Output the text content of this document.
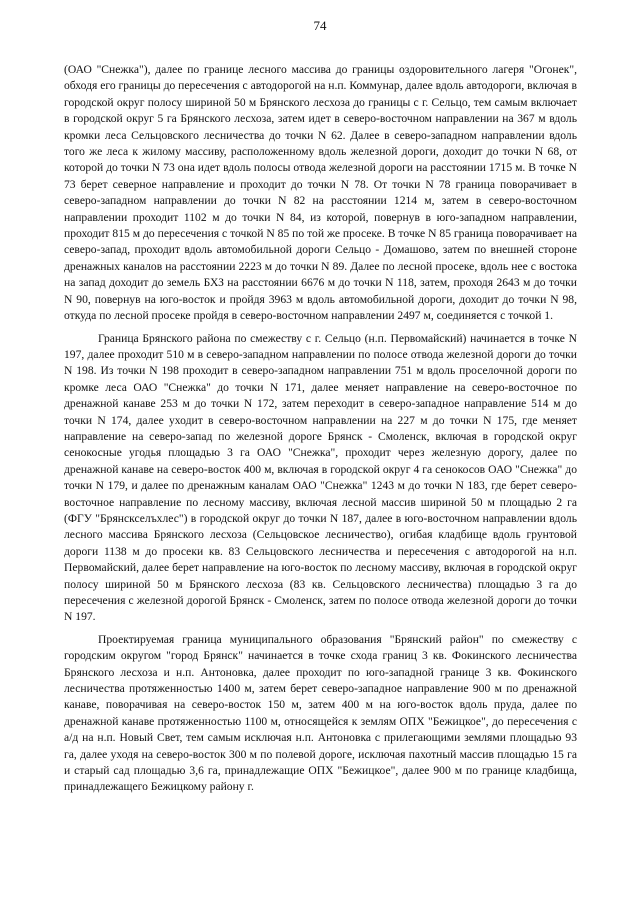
74

(ОАО "Снежка"), далее по границе лесного массива до границы оздоровительного лагеря "Огонек", обходя его границы до пересечения с автодорогой на н.п. Коммунар, далее вдоль автодороги, включая в городской округ полосу шириной 50 м Брянского лесхоза до границы с г. Сельцо, тем самым включает в городской округ 5 га Брянского лесхоза, затем идет в северо-восточном направлении на 367 м вдоль кромки леса Сельцовского лесничества до точки N 62. Далее в северо-западном направлении вдоль того же леса к жилому массиву, расположенному вдоль железной дороги, доходит до точки N 68, от которой до точки N 73 она идет вдоль полосы отвода железной дороги на расстоянии 1715 м. В точке N 73 берет северное направление и проходит до точки N 78. От точки N 78 граница поворачивает в северо-западном направлении до точки N 82 на расстоянии 1214 м, затем в северо-восточном направлении проходит 1102 м до точки N 84, из которой, повернув в юго-западном направлении, проходит 815 м до пересечения с точкой N 85 по той же просеке. В точке N 85 граница поворачивает на северо-запад, проходит вдоль автомобильной дороги Сельцо - Домашово, затем по внешней стороне дренажных каналов на расстоянии 2223 м до точки N 89. Далее по лесной просеке, вдоль нее с востока на запад доходит до земель БХЗ на расстоянии 6676 м до точки N 118, затем, проходя 2643 м до точки N 90, повернув на юго-восток и пройдя 3963 м вдоль автомобильной дороги, доходит до точки N 98, откуда по лесной просеке пройдя в северо-восточном направлении 2497 м, соединяется с точкой 1.

Граница Брянского района по смежеству с г. Сельцо (н.п. Первомайский) начинается в точке N 197, далее проходит 510 м в северо-западном направлении по полосе отвода железной дороги до точки N 198. Из точки N 198 проходит в северо-западном направлении 751 м вдоль проселочной дороги по кромке леса ОАО "Снежка" до точки N 171, далее меняет направление на северо-восточное по дренажной канаве 253 м до точки N 172, затем переходит в северо-западное направление 514 м до точки N 174, далее уходит в северо-восточном направлении на 227 м до точки N 175, где меняет направление на северо-запад по железной дороге Брянск - Смоленск, включая в городской округ сенокосные угодья площадью 3 га ОАО "Снежка", проходит через железную дорогу, далее по дренажной канаве на северо-восток 400 м, включая в городской округ 4 га сенокосов ОАО "Снежка" до точки N 179, и далее по дренажным каналам ОАО "Снежка" 1243 м до точки N 183, где берет северо-восточное направление по лесному массиву, включая лесной массив шириной 50 м площадью 2 га (ФГУ "Брянскселъхлес") в городской округ до точки N 187, далее в юго-восточном направлении вдоль лесного массива Брянского лесхоза (Сельцовское лесничество), огибая кладбище вдоль грунтовой дороги 1138 м до просеки кв. 83 Сельцовского лесничества и пересечения с автодорогой на н.п. Первомайский, далее берет направление на юго-восток по лесному массиву, включая в городской округ полосу шириной 50 м Брянского лесхоза (83 кв. Сельцовского лесничества) площадью 3 га до пересечения с железной дорогой Брянск - Смоленск, затем по полосе отвода железной дороги до точки N 197.

Проектируемая граница муниципального образования "Брянский район" по смежеству с городским округом "город Брянск" начинается в точке схода границ 3 кв. Фокинского лесничества Брянского лесхоза и н.п. Антоновка, далее проходит по юго-западной границе 3 кв. Фокинского лесничества протяженностью 1400 м, затем берет северо-западное направление 900 м по дренажной канаве, поворачивая на северо-восток 150 м, затем 400 м на юго-восток вдоль пруда, далее по дренажной канаве протяженностью 1100 м, относящейся к землям ОПХ "Бежицкое", до пересечения с а/д на н.п. Новый Свет, тем самым исключая н.п. Антоновка с прилегающими землями площадью 93 га, далее уходя на северо-восток 300 м по полевой дороге, исключая пахотный массив площадью 15 га и старый сад площадью 3,6 га, принадлежащие ОПХ "Бежицкое", далее 900 м по границе кладбища, принадлежащего Бежицкому району г.
